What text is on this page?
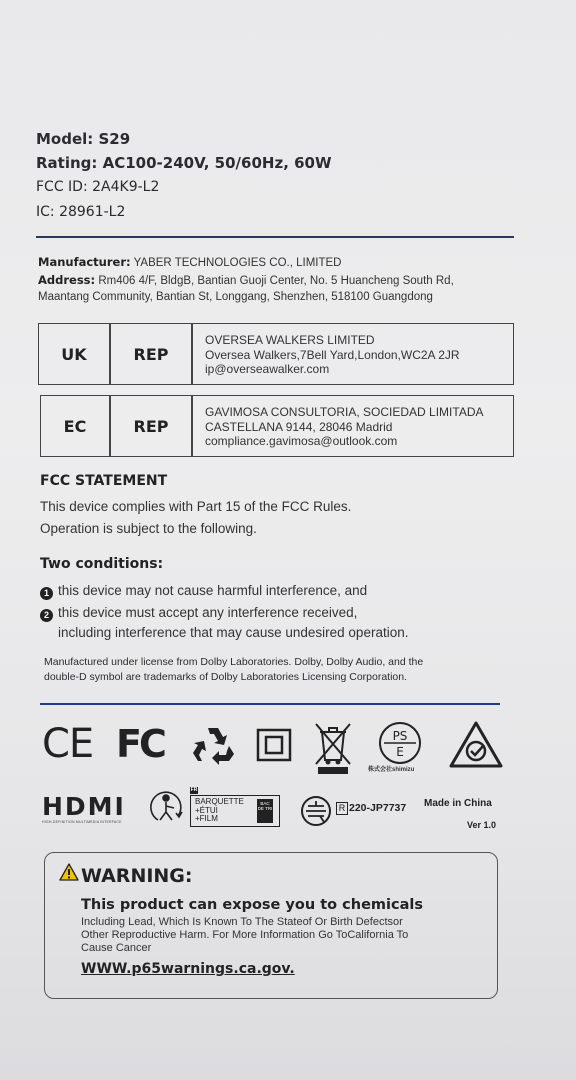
Model: S29
Rating: AC100-240V, 50/60Hz, 60W
FCC ID: 2A4K9-L2
IC: 28961-L2
Manufacturer: YABER TECHNOLOGIES CO., LIMITED
Address: Rm406 4/F, BldgB, Bantian Guoji Center, No. 5 Huancheng South Rd,
Maantang Community, Bantian St, Longgang, Shenzhen, 518100 Guangdong
UK	REP
OVERSEA WALKERS LIMITED
Oversea Walkers,7Bell Yard,London,WC2A 2JR
ip@overseawalker.com
EC	REP
GAVIMOSA CONSULTORIA, SOCIEDAD LIMITADA
CASTELLANA 9144, 28046 Madrid
compliance.gavimosa@outlook.com
FCC STATEMENT
This device complies with Part 15 of the FCC Rules.
Operation is subject to the following.
Two conditions:
1 this device may not cause harmful interference, and
2 this device must accept any interference received,
including interference that may cause undesired operation.
Manufactured under license from Dolby Laboratories. Dolby, Dolby Audio, and the
double-D symbol are trademarks of Dolby Laboratories Licensing Corporation.
CE FC	PS
E
株式会社shimizu
HDMI
HIGH-DEFINITION MULTIMEDIA INTERFACE
FR
BARQUETTE
+ÉTUI
+FILM
BAC DE TRI	R 220-JP7737 Made in China
Ver 1.0
WARNING:
This product can expose you to chemicals
Including Lead, Which Is Known To The Stateof Or Birth Defectsor
Other Reproductive Harm. For More Information Go ToCalifornia To
Cause Cancer
WWW.p65warnings.ca.gov.
